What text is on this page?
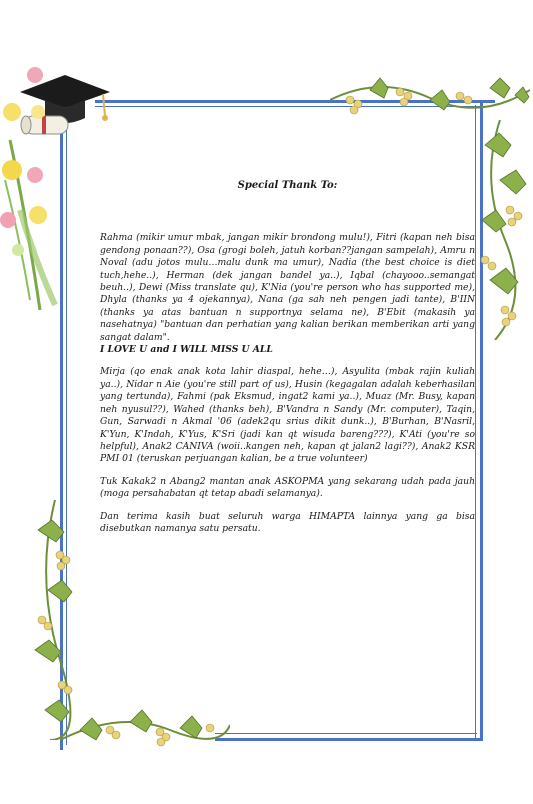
Special Thank To:
Rahma (mikir umur mbak, jangan mikir brondong mulu!), Fitri (kapan neh bisa gendong ponaan??), Osa (grogi boleh, jatuh korban??jangan sampelah), Amru n Noval (adu jotos mulu…malu dunk ma umur), Nadia (the best choice is diet tuch,hehe..), Herman (dek jangan bandel ya..), Iqbal (chayooo..semangat beuh..), Dewi (Miss translate qu), K'Nia (you're person who has supported me), Dhyla (thanks ya 4 ojekannya), Nana (ga sah neh pengen jadi tante), B'IIN (thanks ya atas bantuan n supportnya selama ne), B'Ebit (makasih ya nasehatnya) "bantuan dan perhatian yang kalian berikan memberikan arti yang sangat dalam".
I LOVE U and I WILL MISS U ALL
Mirja (qo enak anak kota lahir diaspal, hehe…), Asyulita (mbak rajin kuliah ya..), Nidar n Aie (you're still part of us), Husin (kegagalan adalah keberhasilan yang tertunda), Fahmi (pak Eksmud, ingat2 kami ya..), Muaz (Mr. Busy, kapan neh nyusul??), Wahed (thanks beh), B'Vandra n Sandy (Mr. computer), Taqin, Gun, Sarwadi n Akmal '06 (adek2qu srius dikit dunk..), B'Burhan, B'Nasril, K'Yun, K'Indah, K'Yus, K'Sri (jadi kan qt wisuda bareng???), K'Ati (you're so helpful), Anak2 CANIVA (woii..kangen neh, kapan qt jalan2 lagi??), Anak2 KSR PMI 01 (teruskan perjuangan kalian, be a true volunteer)
Tuk Kakak2 n Abang2 mantan anak ASKOPMA yang sekarang udah pada jauh (moga persahabatan qt tetap abadi selamanya).
Dan terima kasih buat seluruh warga HIMAPTA lainnya yang ga bisa disebutkan namanya satu persatu.
